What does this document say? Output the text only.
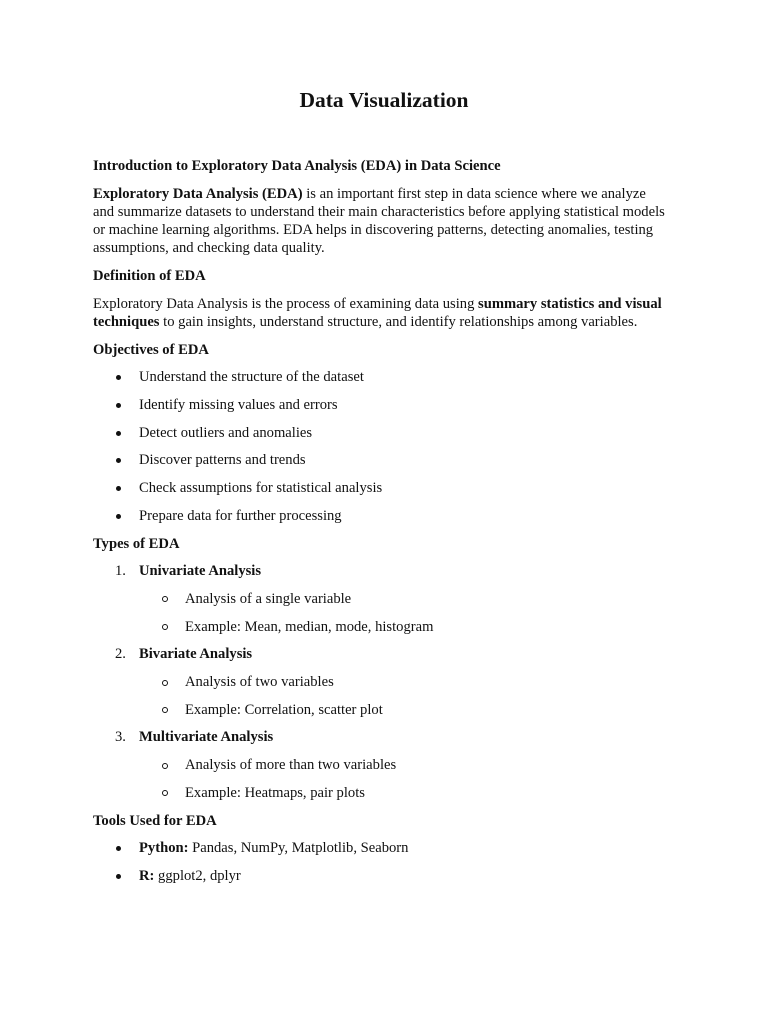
Data Visualization

Introduction to Exploratory Data Analysis (EDA) in Data Science

Exploratory Data Analysis (EDA) is an important first step in data science where we analyze and summarize datasets to understand their main characteristics before applying statistical models or machine learning algorithms. EDA helps in discovering patterns, detecting anomalies, testing assumptions, and checking data quality.

Definition of EDA

Exploratory Data Analysis is the process of examining data using summary statistics and visual techniques to gain insights, understand structure, and identify relationships among variables.

Objectives of EDA

Understand the structure of the dataset
Identify missing values and errors
Detect outliers and anomalies
Discover patterns and trends
Check assumptions for statistical analysis
Prepare data for further processing

Types of EDA

1. Univariate Analysis
Analysis of a single variable
Example: Mean, median, mode, histogram
2. Bivariate Analysis
Analysis of two variables
Example: Correlation, scatter plot
3. Multivariate Analysis
Analysis of more than two variables
Example: Heatmaps, pair plots

Tools Used for EDA

Python: Pandas, NumPy, Matplotlib, Seaborn
R: ggplot2, dplyr
